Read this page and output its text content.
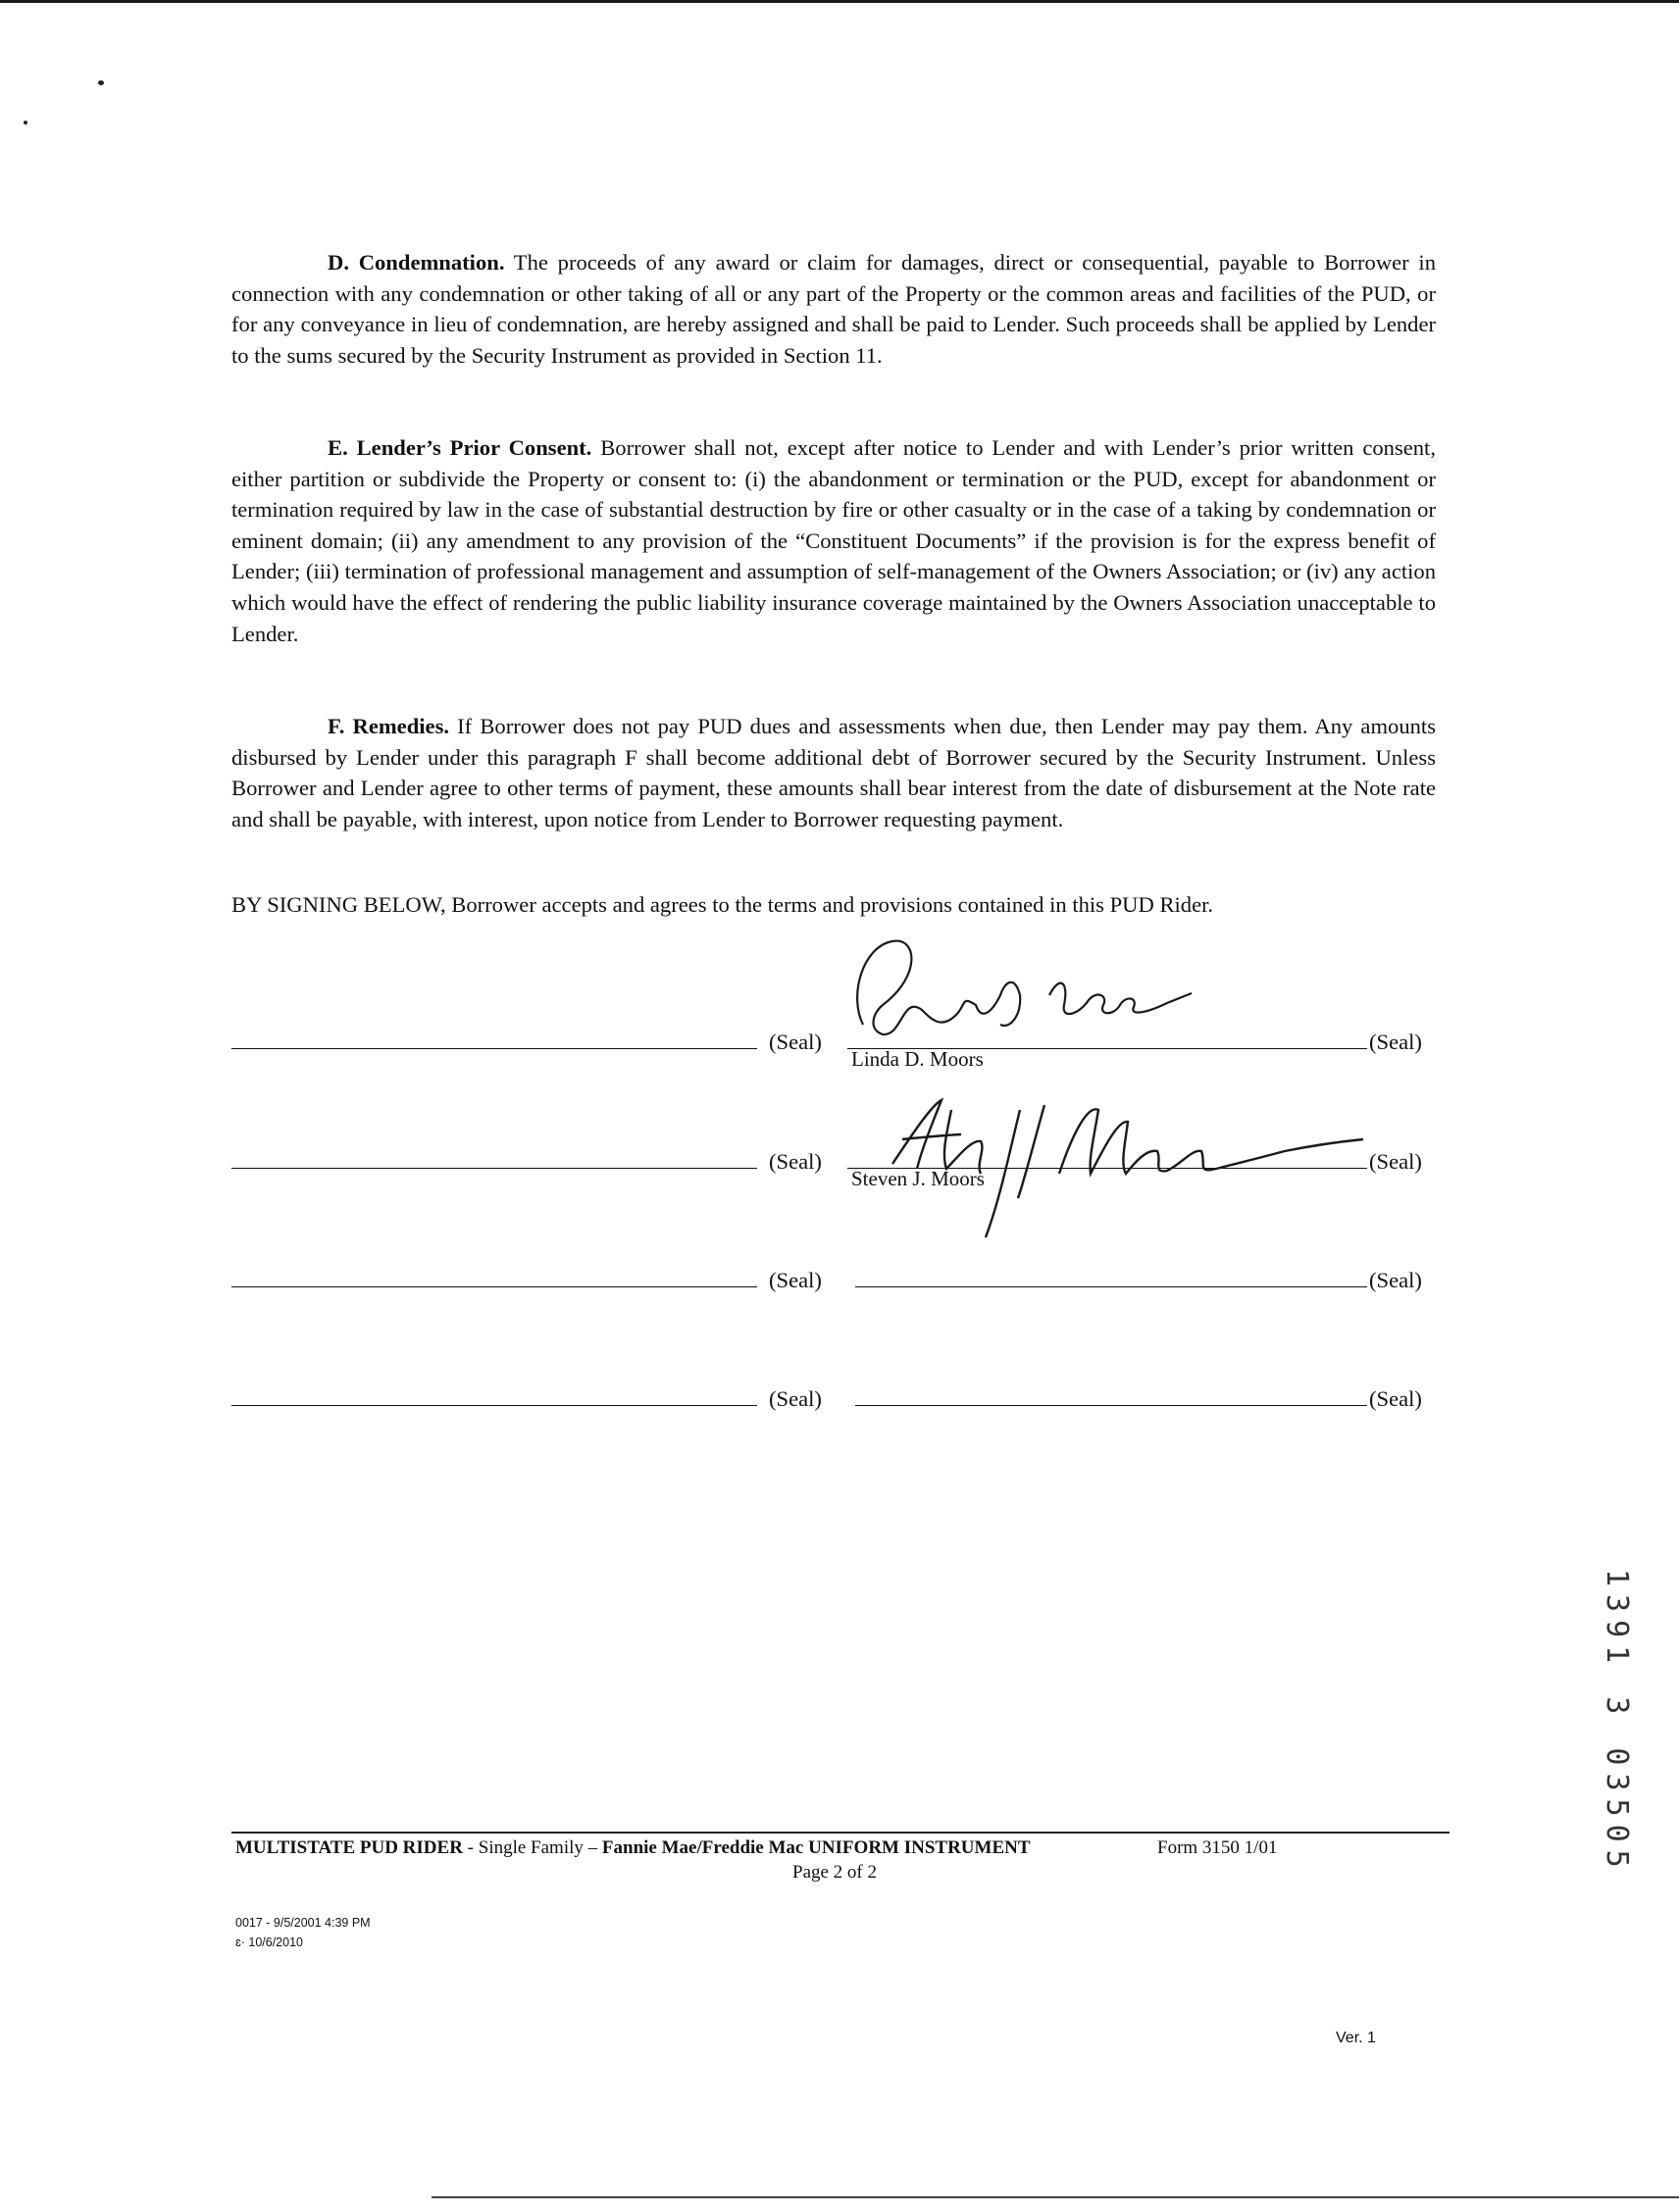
D. Condemnation. The proceeds of any award or claim for damages, direct or consequential, payable to Borrower in connection with any condemnation or other taking of all or any part of the Property or the common areas and facilities of the PUD, or for any conveyance in lieu of condemnation, are hereby assigned and shall be paid to Lender. Such proceeds shall be applied by Lender to the sums secured by the Security Instrument as provided in Section 11.

E. Lender’s Prior Consent. Borrower shall not, except after notice to Lender and with Lender’s prior written consent, either partition or subdivide the Property or consent to: (i) the abandonment or termination or the PUD, except for abandonment or termination required by law in the case of substantial destruction by fire or other casualty or in the case of a taking by condemnation or eminent domain; (ii) any amendment to any provision of the “Constituent Documents” if the provision is for the express benefit of Lender; (iii) termination of professional management and assumption of self-management of the Owners Association; or (iv) any action which would have the effect of rendering the public liability insurance coverage maintained by the Owners Association unacceptable to Lender.

F. Remedies. If Borrower does not pay PUD dues and assessments when due, then Lender may pay them. Any amounts disbursed by Lender under this paragraph F shall become additional debt of Borrower secured by the Security Instrument. Unless Borrower and Lender agree to other terms of payment, these amounts shall bear interest from the date of disbursement at the Note rate and shall be payable, with interest, upon notice from Lender to Borrower requesting payment.

BY SIGNING BELOW, Borrower accepts and agrees to the terms and provisions contained in this PUD Rider.

(Seal)	(Seal)
Linda D. Moors
(Seal)	(Seal)
Steven J. Moors
(Seal)	(Seal)
(Seal)	(Seal)
1391 3 03505
MULTISTATE PUD RIDER - Single Family – Fannie Mae/Freddie Mac UNIFORM INSTRUMENT	Form 3150 1/01
Page 2 of 2
0017 - 9/5/2001 4:39 PM
ɛ· 10/6/2010
Ver. 1
